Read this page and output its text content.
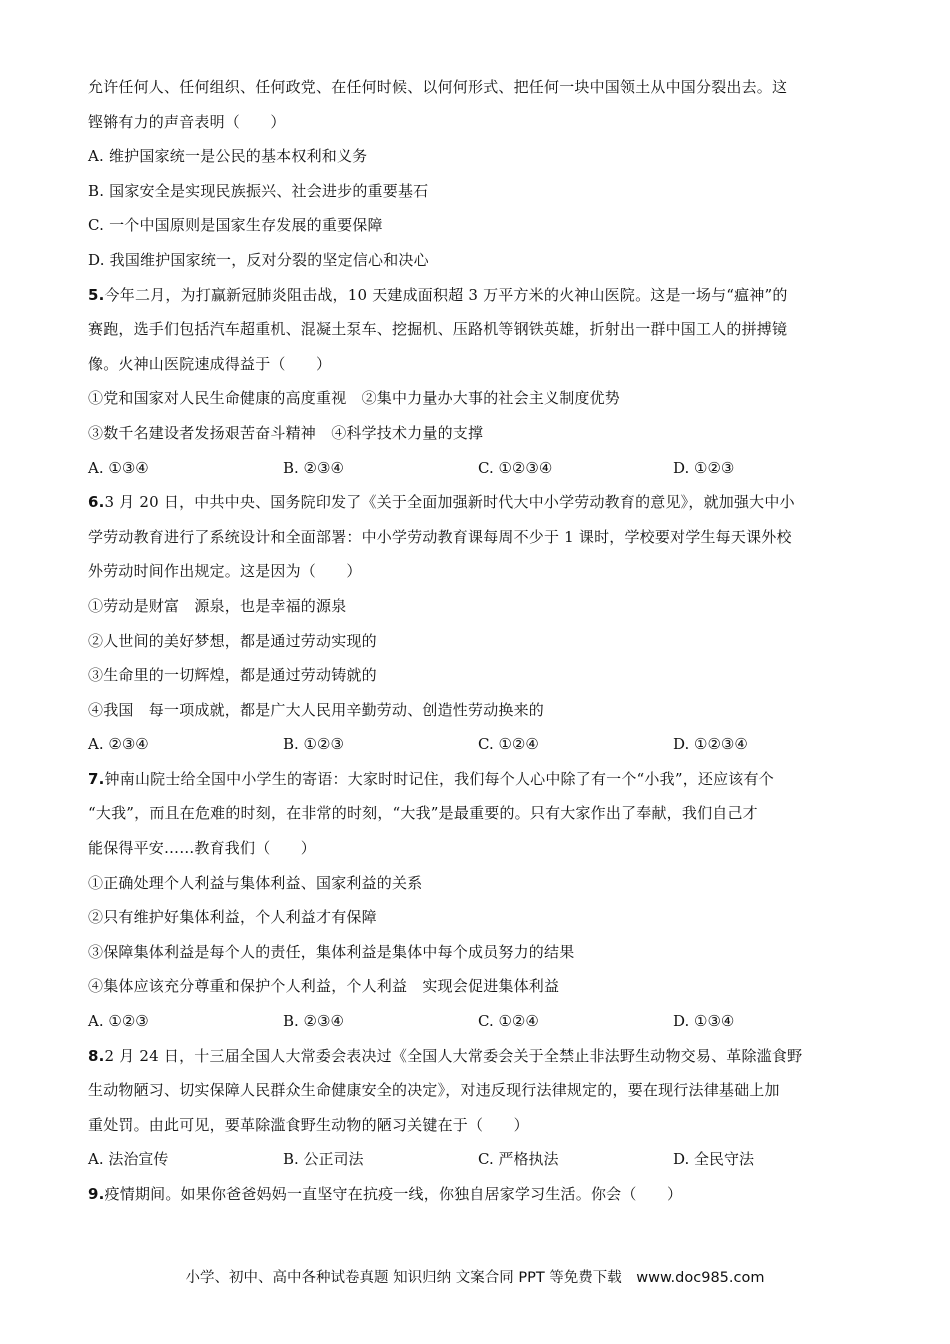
允许任何人、任何组织、任何政党、在任何时候、以何何形式、把任何一块中国领土从中国分裂出去。这
铿锵有力的声音表明（　　）
A. 维护国家统一是公民的基本权利和义务
B. 国家安全是实现民族振兴、社会进步的重要基石
C. 一个中国原则是国家生存发展的重要保障
D. 我国维护国家统一，反对分裂的坚定信心和决心
5.今年二月，为打赢新冠肺炎阻击战，10 天建成面积超 3 万平方米的火神山医院。这是一场与“瘟神”的
赛跑，选手们包括汽车超重机、混凝土泵车、挖掘机、压路机等钢铁英雄，折射出一群中国工人的拼搏镜
像。火神山医院速成得益于（　　）
①党和国家对人民生命健康的高度重视　②集中力量办大事的社会主义制度优势
③数千名建设者发扬艰苦奋斗精神　④科学技术力量的支撑
A. ①③④	B. ②③④	C. ①②③④	D. ①②③
6.3 月 20 日，中共中央、国务院印发了《关于全面加强新时代大中小学劳动教育的意见》，就加强大中小
学劳动教育进行了系统设计和全面部署：中小学劳动教育课每周不少于 1 课时，学校要对学生每天课外校
外劳动时间作出规定。这是因为（　　）
①劳动是财富　源泉，也是幸福的源泉
②人世间的美好梦想，都是通过劳动实现的
③生命里的一切辉煌，都是通过劳动铸就的
④我国　每一项成就，都是广大人民用辛勤劳动、创造性劳动换来的
A. ②③④	B. ①②③	C. ①②④	D. ①②③④
7.钟南山院士给全国中小学生的寄语：大家时时记住，我们每个人心中除了有一个“小我”，还应该有个
“大我”，而且在危难的时刻，在非常的时刻，“大我”是最重要的。只有大家作出了奉献，我们自己才
能保得平安……教育我们（　　）
①正确处理个人利益与集体利益、国家利益的关系
②只有维护好集体利益，个人利益才有保障
③保障集体利益是每个人的责任，集体利益是集体中每个成员努力的结果
④集体应该充分尊重和保护个人利益，个人利益　实现会促进集体利益
A. ①②③	B. ②③④	C. ①②④	D. ①③④
8.2 月 24 日，十三届全国人大常委会表决过《全国人大常委会关于全禁止非法野生动物交易、革除滥食野
生动物陋习、切实保障人民群众生命健康安全的决定》，对违反现行法律规定的，要在现行法律基础上加
重处罚。由此可见，要革除滥食野生动物的陋习关键在于（　　）
A. 法治宣传	B. 公正司法	C. 严格执法	D. 全民守法
9.疫情期间。如果你爸爸妈妈一直坚守在抗疫一线，你独自居家学习生活。你会（　　）
小学、初中、高中各种试卷真题 知识归纳 文案合同 PPT 等免费下载　www.doc985.com
